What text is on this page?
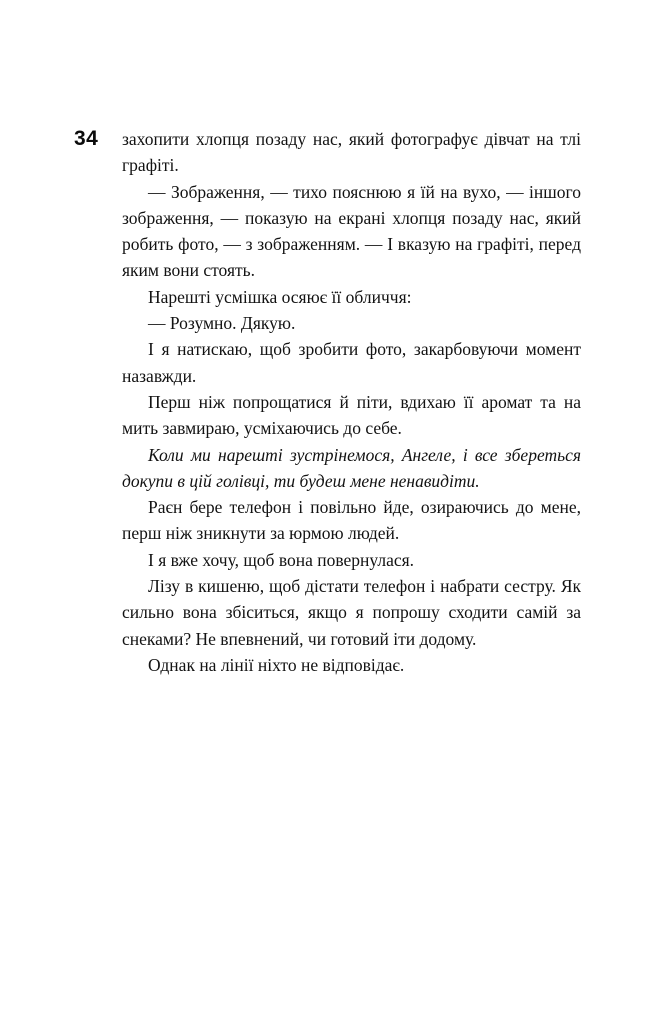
34 захопити хлопця позаду нас, який фотографує дівчат на тлі графіті.

— Зображення, — тихо пояснюю я їй на вухо, — іншого зображення, — показую на екрані хлопця позаду нас, який робить фото, — з зображенням. — І вказую на графіті, перед яким вони стоять.

Нарешті усмішка осяює її обличчя:

— Розумно. Дякую.

І я натискаю, щоб зробити фото, закарбовуючи момент назавжди.

Перш ніж попрощатися й піти, вдихаю її аромат та на мить завмираю, усміхаючись до себе.

Коли ми нарешті зустрінемося, Ангеле, і все збереться докупи в цій голівці, ти будеш мене ненавидіти.

Раєн бере телефон і повільно йде, озираючись до мене, перш ніж зникнути за юрмою людей.

І я вже хочу, щоб вона повернулася.

Лізу в кишеню, щоб дістати телефон і набрати сестру. Як сильно вона збіситься, якщо я попрошу сходити самій за снеками? Не впевнений, чи готовий іти додому.

Однак на лінії ніхто не відповідає.
